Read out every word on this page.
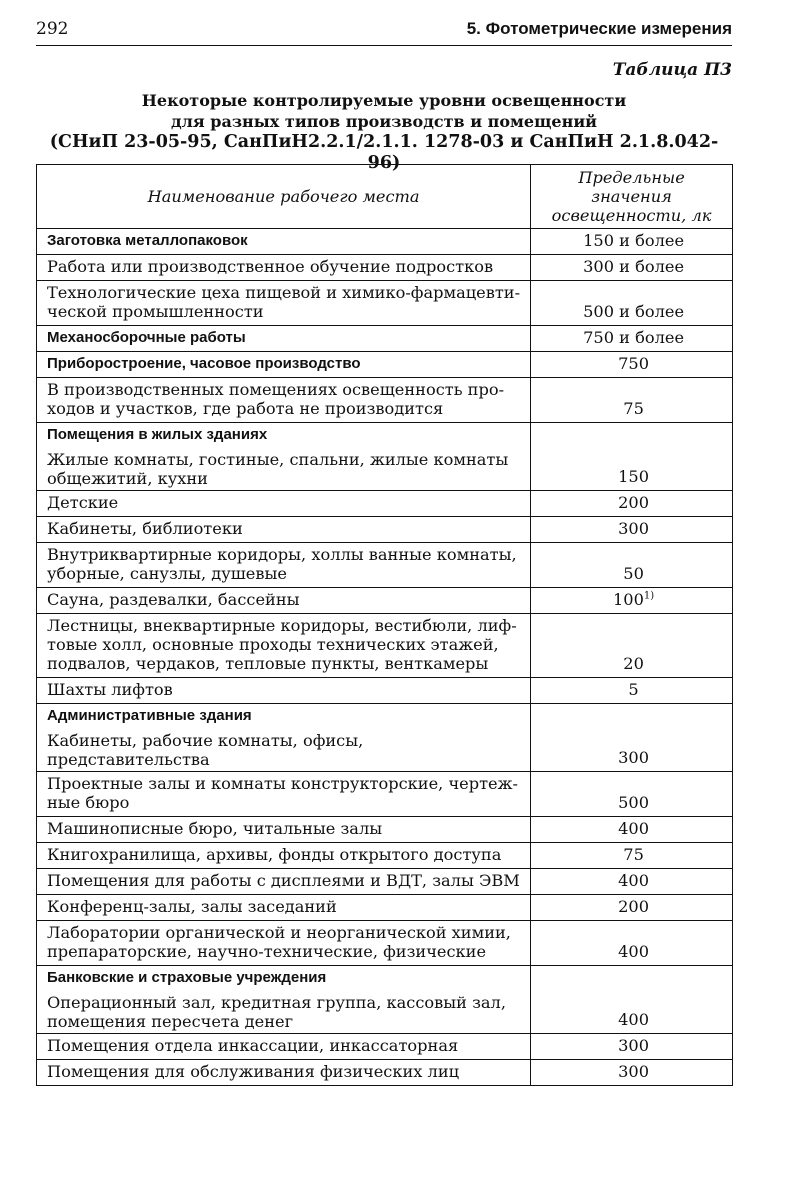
292	5. Фотометрические измерения
Таблица П3
Некоторые контролируемые уровни освещенности
для разных типов производств и помещений
(СНиП 23-05-95, СанПиН2.2.1/2.1.1. 1278-03 и СанПиН 2.1.8.042-96)
Наименование рабочего места	Предельные значения освещенности, лк

Заготовка металлопаковок	150 и более

Работа или производственное обучение подростков	300 и более

Технологические цеха пищевой и химико-фармацевти-ческой промышленности	500 и более

Механосборочные работы	750 и более

Приборостроение, часовое производство	750

В производственных помещениях освещенность про-ходов и участков, где работа не производится	75

Помещения в жилых зданиях
Жилые комнаты, гостиные, спальни, жилые комнаты общежитий, кухни	150

Детские	200

Кабинеты, библиотеки	300

Внутриквартирные коридоры, холлы ванные комнаты, уборные, санузлы, душевые	50

Сауна, раздевалки, бассейны	100$^{1)}$

Лестницы, внеквартирные коридоры, вестибюли, лиф-товые холл, основные проходы технических этажей, подвалов, чердаков, тепловые пункты, венткамеры	20

Шахты лифтов	5

Административные здания
Кабинеты, рабочие комнаты, офисы, представительства	300

Проектные залы и комнаты конструкторские, чертеж-ные бюро	500

Машинописные бюро, читальные залы	400

Книгохранилища, архивы, фонды открытого доступа	75

Помещения для работы с дисплеями и ВДТ, залы ЭВМ	400

Конференц-залы, залы заседаний	200

Лаборатории органической и неорганической химии, препараторские, научно-технические, физические	400

Банковские и страховые учреждения
Операционный зал, кредитная группа, кассовый зал, помещения пересчета денег	400

Помещения отдела инкассации, инкассаторная	300

Помещения для обслуживания физических лиц	300
